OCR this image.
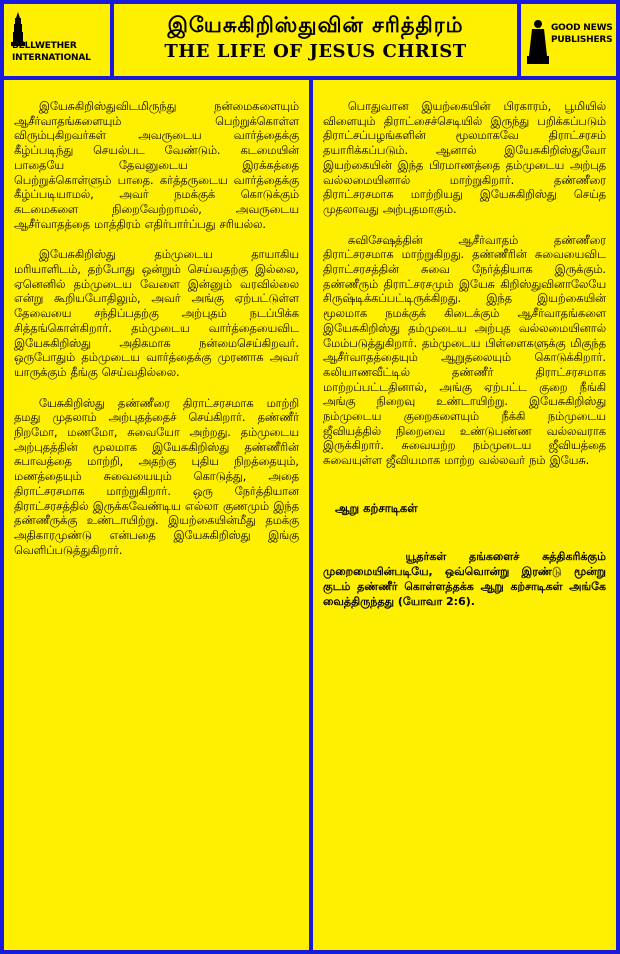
BELLWETHER
INTERNATIONAL
இயேசுகிறிஸ்துவின் சரித்திரம்
THE LIFE OF JESUS CHRIST
GOOD NEWS
PUBLISHERS

இயேசுகிறிஸ்துவிடமிருந்து நன்மைகளையும் ஆசீர்வாதங்களையும் பெற்றுக்கொள்ள விரும்புகிறவர்கள் அவருடைய வார்த்தைக்கு கீழ்ப்படிந்து செயல்பட வேண்டும். கடமையின் பாதையே தேவனுடைய இரக்கத்தை பெற்றுக்கொள்ளும் பாதை. கர்த்தருடைய வார்த்தைக்கு கீழ்ப்படியாமல், அவர் நமக்குக் கொடுக்கும் கடமைகளை நிறைவேற்றாமல், அவருடைய ஆசீர்வாதத்தை மாத்திரம் எதிர்பார்ப்பது சரியல்ல.

இயேசுகிறிஸ்து தம்முடைய தாயாகிய மரியாளிடம், தற்போது ஒன்றும் செய்வதற்கு இல்லை, ஏனெனில் தம்முடைய வேளை இன்னும் வரவில்லை என்று கூறியபோதிலும், அவர் அங்கு ஏற்பட்டுள்ள தேவையை சந்திப்பதற்கு அற்புதம் நடப்பிக்க சித்தங்கொள்கிறார். தம்முடைய வார்த்தையைவிட இயேசுகிறிஸ்து அதிகமாக நன்மைசெய்கிறவர். ஒருபோதும் தம்முடைய வார்த்தைக்கு முரணாக அவர் யாருக்கும் தீங்கு செய்வதில்லை.

யேசுகிறிஸ்து தண்ணீரை திராட்சரசமாக மாற்றி தமது முதலாம் அற்புதத்தைச் செய்கிறார். தண்ணீர் நிறமோ, மணமோ, சுவையோ அற்றது. தம்முடைய அற்புதத்தின் மூலமாக இயேசுகிறிஸ்து தண்ணீரின் சுபாவத்தை மாற்றி, அதற்கு புதிய நிறத்தையும், மணத்தையும் சுவையையும் கொடுத்து, அதை திராட்சரசமாக மாற்றுகிறார். ஒரு நேர்த்தியான திராட்சரசத்தில் இருக்கவேண்டிய எல்லா குணமும் இந்த தண்ணீருக்கு உண்டாயிற்று. இயற்கையின்மீது தமக்கு அதிகாரமுண்டு என்பதை இயேசுகிறிஸ்து இங்கு வெளிப்படுத்துகிறார்.

பொதுவான இயற்கையின் பிரகாரம், பூமியில் விளையும் திராட்சைச்செடியில் இருந்து பறிக்கப்படும் திராட்சப்பழங்களின் மூலமாகவே திராட்சரசம் தயாரிக்கப்படும். ஆனால் இயேசுகிறிஸ்துவோ இயற்கையின் இந்த பிரமாணத்தை தம்முடைய அற்புத வல்லமையினால் மாற்றுகிறார். தண்ணீரை திராட்சரசமாக மாற்றியது இயேசுகிறிஸ்து செய்த முதலாவது அற்புதமாகும்.

சுவிசேஷத்தின் ஆசீர்வாதம் தண்ணீரை திராட்சரசமாக மாற்றுகிறது. தண்ணீரின் சுவையைவிட திராட்சரசத்தின் சுவை நேர்த்தியாக இருக்கும். தண்ணீரும் திராட்சரசமும் இயேசு கிறிஸ்துவினாலேயே சிருஷ்டிக்கப்பட்டிருக்கிறது. இந்த இயற்கையின் மூலமாக நமக்குக் கிடைக்கும் ஆசீர்வாதங்களை இயேசுகிறிஸ்து தம்முடைய அற்புத வல்லமையினால் மேம்படுத்துகிறார். தம்முடைய பிள்ளைகளுக்கு மிகுந்த ஆசீர்வாதத்தையும் ஆறுதலையும் கொடுக்கிறார். கலியாணவீட்டில் தண்ணீர் திராட்சரசமாக மாற்றப்பட்டதினால், அங்கு ஏற்பட்ட குறை நீங்கி அங்கு நிறைவு உண்டாயிற்று. இயேசுகிறிஸ்து நம்முடைய குறைகளையும் நீக்கி நம்முடைய ஜீவியத்தில் நிறைவை உண்டுபண்ண வல்லவராக இருக்கிறார். சுவையற்ற நம்முடைய ஜீவியத்தை சுவையுள்ள ஜீவியமாக மாற்ற வல்லவர் நம் இயேசு.

ஆறு கற்சாடிகள்

யூதர்கள் தங்களைச் சுத்திகரிக்கும் முறைமையின்படியே, ஒவ்வொன்று இரண்டு மூன்று குடம் தண்ணீர் கொள்ளத்தக்க ஆறு கற்சாடிகள் அங்கே வைத்திருந்தது (யோவா 2:6).
